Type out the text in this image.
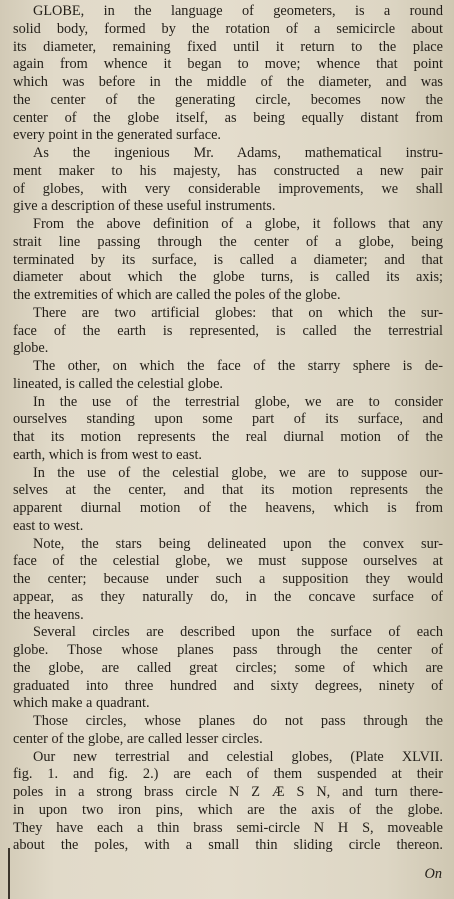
GLOBE, in the language of geometers, is a round
solid body, formed by the rotation of a semicircle about
its diameter, remaining fixed until it return to the place
again from whence it began to move; whence that point
which was before in the middle of the diameter, and was
the center of the generating circle, becomes now the
center of the globe itself, as being equally distant from
every point in the generated surface.
As the ingenious Mr. Adams, mathematical instru-
ment maker to his majesty, has constructed a new pair
of globes, with very considerable improvements, we shall
give a description of these useful instruments.
From the above definition of a globe, it follows that any
strait line passing through the center of a globe, being
terminated by its surface, is called a diameter; and that
diameter about which the globe turns, is called its axis;
the extremities of which are called the poles of the globe.
There are two artificial globes: that on which the sur-
face of the earth is represented, is called the terrestrial
globe.
The other, on which the face of the starry sphere is de-
lineated, is called the celestial globe.
In the use of the terrestrial globe, we are to consider
ourselves standing upon some part of its surface, and
that its motion represents the real diurnal motion of the
earth, which is from west to east.
In the use of the celestial globe, we are to suppose our-
selves at the center, and that its motion represents the
apparent diurnal motion of the heavens, which is from
east to west.
Note, the stars being delineated upon the convex sur-
face of the celestial globe, we must suppose ourselves at
the center; because under such a supposition they would
appear, as they naturally do, in the concave surface of
the heavens.
Several circles are described upon the surface of each
globe. Those whose planes pass through the center of
the globe, are called great circles; some of which are
graduated into three hundred and sixty degrees, ninety of
which make a quadrant.
Those circles, whose planes do not pass through the
center of the globe, are called lesser circles.
Our new terrestrial and celestial globes, (Plate XLVII.
fig. 1. and fig. 2.) are each of them suspended at their
poles in a strong brass circle N Z Æ S N, and turn there-
in upon two iron pins, which are the axis of the globe.
They have each a thin brass semi-circle N H S, moveable
about the poles, with a small thin sliding circle thereon.
On
